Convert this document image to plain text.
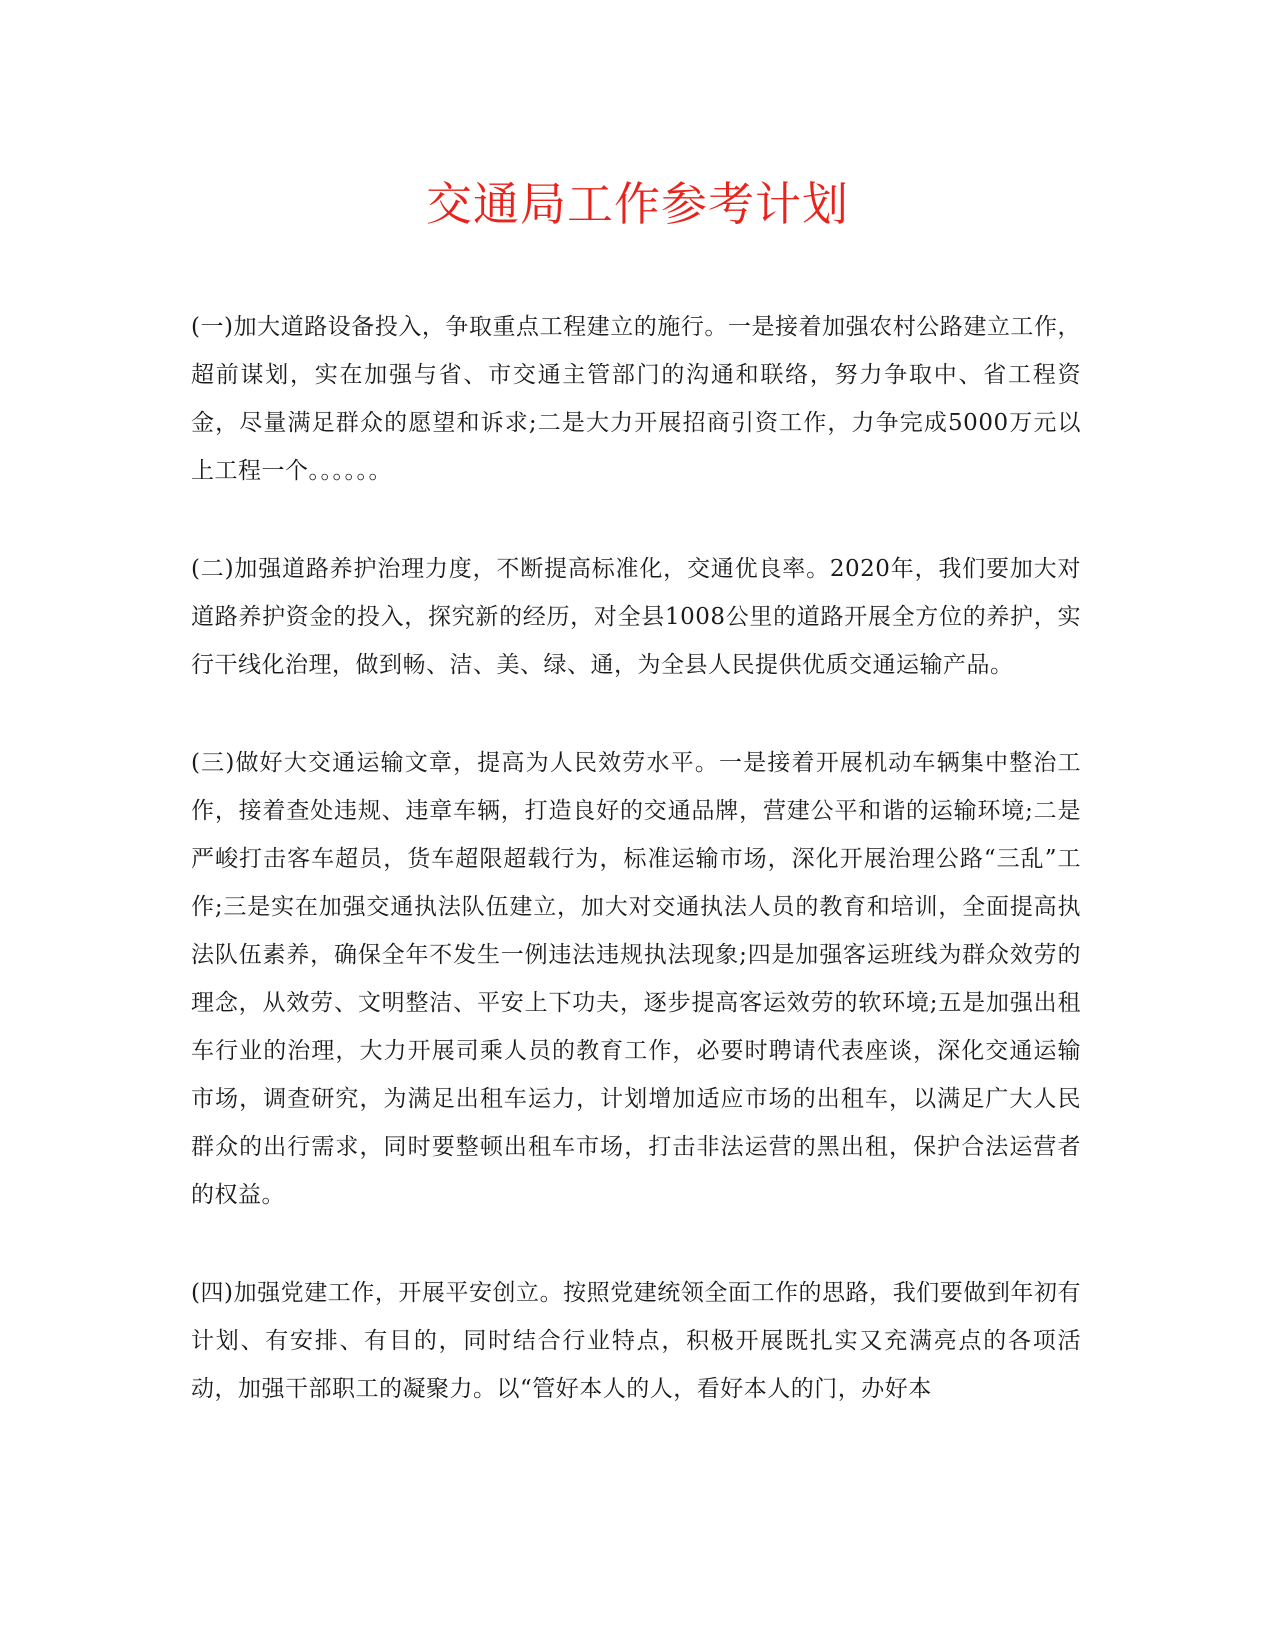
交通局工作参考计划

(一)加大道路设备投入，争取重点工程建立的施行。一是接着加强农村公路建立工作，超前谋划，实在加强与省、市交通主管部门的沟通和联络，努力争取中、省工程资金，尽量满足群众的愿望和诉求;二是大力开展招商引资工作，力争完成5000万元以上工程一个。。。。。。

(二)加强道路养护治理力度，不断提高标准化，交通优良率。2020年，我们要加大对道路养护资金的投入，探究新的经历，对全县1008公里的道路开展全方位的养护，实行干线化治理，做到畅、洁、美、绿、通，为全县人民提供优质交通运输产品。

(三)做好大交通运输文章，提高为人民效劳水平。一是接着开展机动车辆集中整治工作，接着查处违规、违章车辆，打造良好的交通品牌，营建公平和谐的运输环境;二是严峻打击客车超员，货车超限超载行为，标准运输市场，深化开展治理公路“三乱”工作;三是实在加强交通执法队伍建立，加大对交通执法人员的教育和培训，全面提高执法队伍素养，确保全年不发生一例违法违规执法现象;四是加强客运班线为群众效劳的理念，从效劳、文明整洁、平安上下功夫，逐步提高客运效劳的软环境;五是加强出租车行业的治理，大力开展司乘人员的教育工作，必要时聘请代表座谈，深化交通运输市场，调查研究，为满足出租车运力，计划增加适应市场的出租车，以满足广大人民群众的出行需求，同时要整顿出租车市场，打击非法运营的黑出租，保护合法运营者的权益。

(四)加强党建工作，开展平安创立。按照党建统领全面工作的思路，我们要做到年初有计划、有安排、有目的，同时结合行业特点，积极开展既扎实又充满亮点的各项活动，加强干部职工的凝聚力。以“管好本人的人，看好本人的门，办好本
